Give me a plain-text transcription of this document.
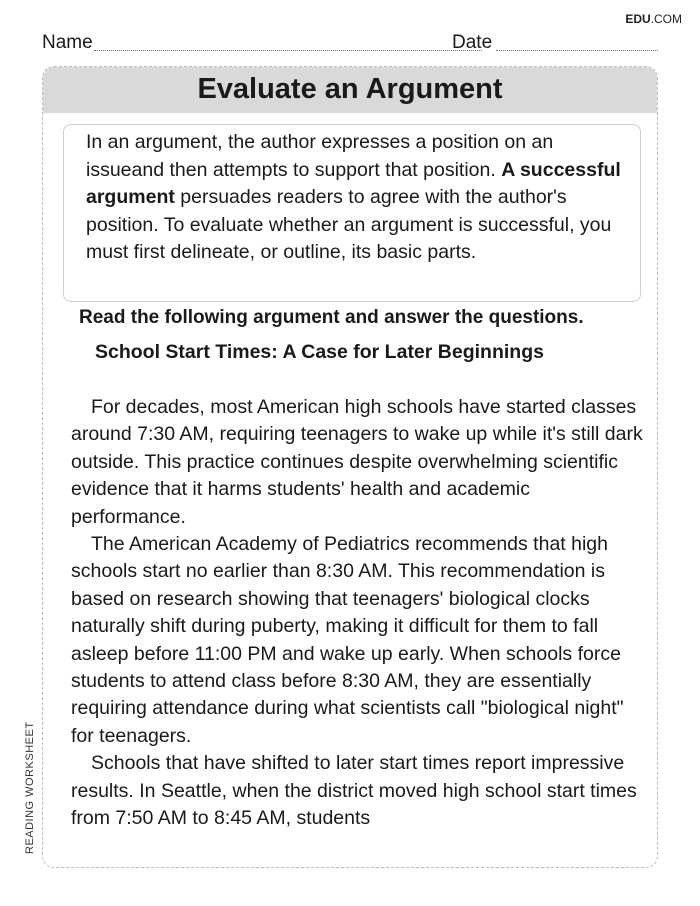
EDU.COM
Name	Date
Evaluate an Argument
In an argument, the author expresses a position on an issueand then attempts to support that position. A successful argument persuades readers to agree with the author's position. To evaluate whether an argument is successful, you must first delineate, or outline, its basic parts.
Read the following argument and answer the questions.
School Start Times: A Case for Later Beginnings

For decades, most American high schools have started classes around 7:30 AM, requiring teenagers to wake up while it's still dark outside. This practice continues despite overwhelming scientific evidence that it harms students' health and academic performance.

The American Academy of Pediatrics recommends that high schools start no earlier than 8:30 AM. This recommendation is based on research showing that teenagers' biological clocks naturally shift during puberty, making it difficult for them to fall asleep before 11:00 PM and wake up early. When schools force students to attend class before 8:30 AM, they are essentially requiring attendance during what scientists call "biological night" for teenagers.

Schools that have shifted to later start times report impressive results. In Seattle, when the district moved high school start times from 7:50 AM to 8:45 AM, students

READING WORKSHEET
